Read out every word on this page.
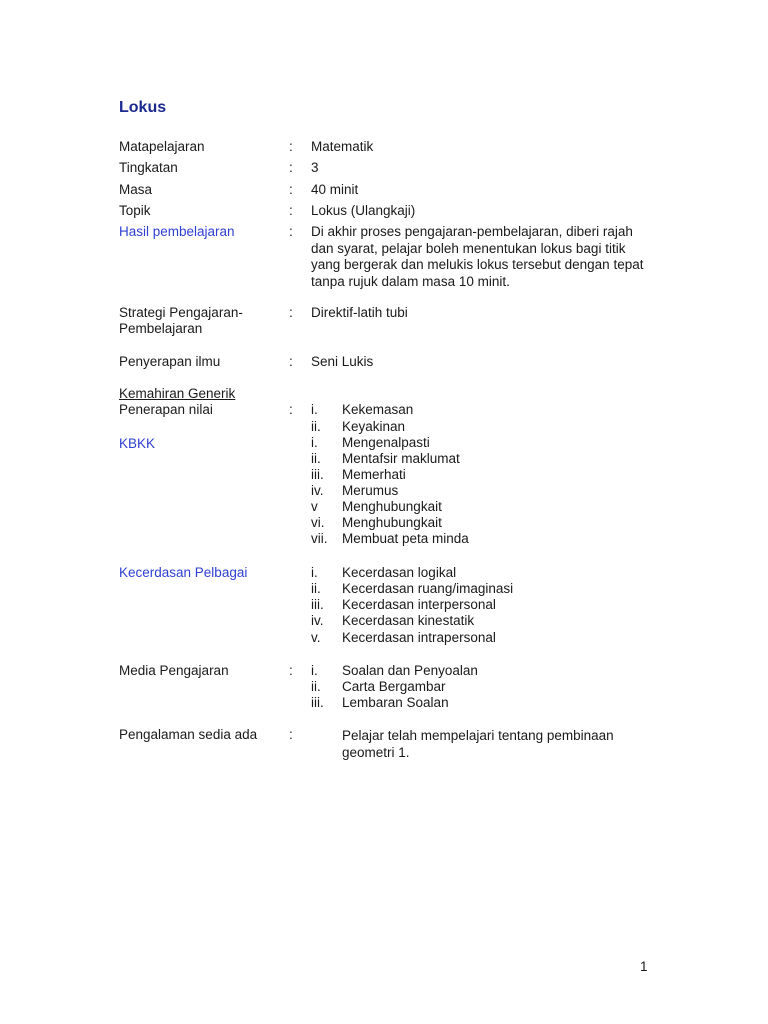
Lokus
Matapelajaran	: Matematik
Tingkatan	: 3
Masa	: 40 minit
Topik	: Lokus (Ulangkaji)
Hasil pembelajaran	: Di akhir proses pengajaran-pembelajaran, diberi rajah dan syarat, pelajar boleh menentukan lokus bagi titik yang bergerak dan melukis lokus tersebut dengan tepat tanpa rujuk dalam masa 10 minit.
Strategi Pengajaran-
Pembelajaran
: Direktif-latih tubi
Penyerapan ilmu	: Seni Lukis
Kemahiran Generik
Penerapan nilai	: i. Kekemasan
ii. Keyakinan
KBKK	i. Mengenalpasti
ii. Mentafsir maklumat
iii. Memerhati
iv. Merumus
v Menghubungkait
vi. Menghubungkait
vii. Membuat peta minda
Kecerdasan Pelbagai	i. Kecerdasan logikal
ii. Kecerdasan ruang/imaginasi
iii. Kecerdasan interpersonal
iv. Kecerdasan kinestatik
v. Kecerdasan intrapersonal
Media Pengajaran	: i. Soalan dan Penyoalan
ii. Carta Bergambar
iii. Lembaran Soalan
Pengalaman sedia ada :	Pelajar telah mempelajari tentang pembinaan geometri 1.
1
